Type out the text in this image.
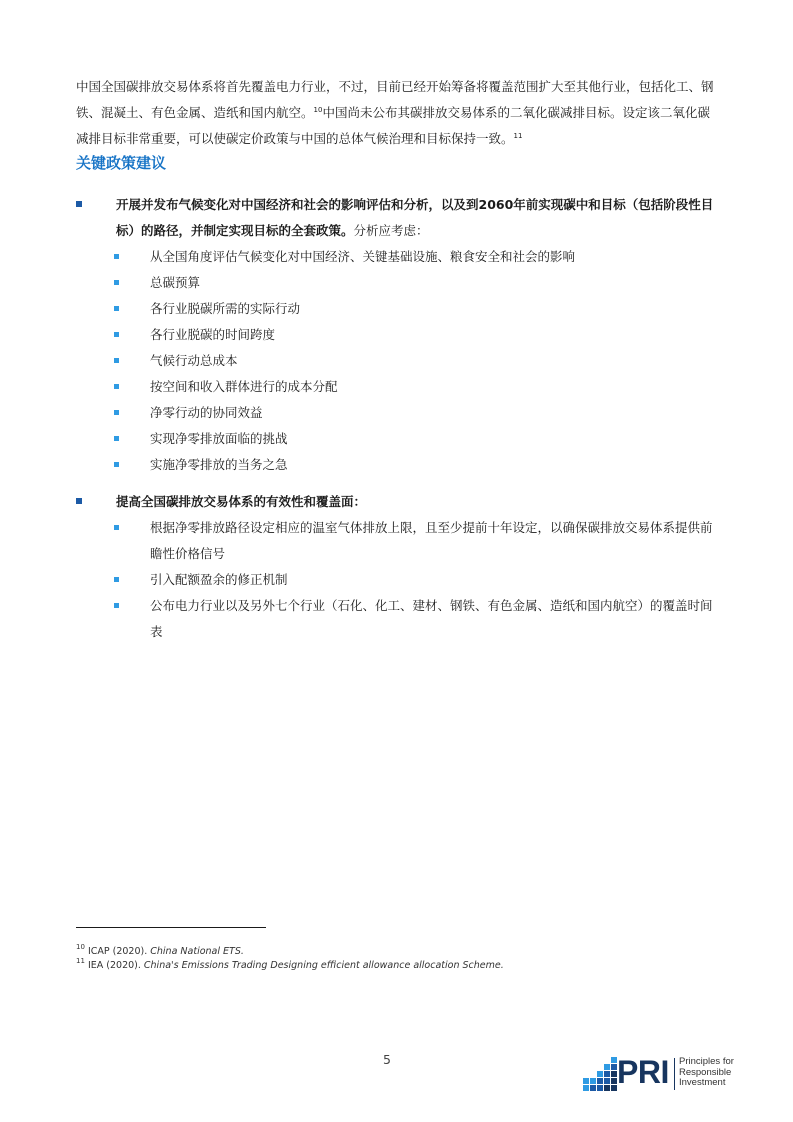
中国全国碳排放交易体系将首先覆盖电力行业，不过，目前已经开始筹备将覆盖范围扩大至其他行业，包括化工、钢铁、混凝土、有色金属、造纸和国内航空。$^{10}$中国尚未公布其碳排放交易体系的二氧化碳减排目标。设定该二氧化碳减排目标非常重要，可以使碳定价政策与中国的总体气候治理和目标保持一致。$^{11}$

关键政策建议
开展并发布气候变化对中国经济和社会的影响评估和分析，以及到2060年前实现碳中和目标（包括阶段性目标）的路径，并制定实现目标的全套政策。分析应考虑：
从全国角度评估气候变化对中国经济、关键基础设施、粮食安全和社会的影响
总碳预算
各行业脱碳所需的实际行动
各行业脱碳的时间跨度
气候行动总成本
按空间和收入群体进行的成本分配
净零行动的协同效益
实现净零排放面临的挑战
实施净零排放的当务之急
提高全国碳排放交易体系的有效性和覆盖面：
根据净零排放路径设定相应的温室气体排放上限，且至少提前十年设定，以确保碳排放交易体系提供前瞻性价格信号
引入配额盈余的修正机制
公布电力行业以及另外七个行业（石化、化工、建材、钢铁、有色金属、造纸和国内航空）的覆盖时间表
$^{10}$ ICAP (2020). China National ETS.
$^{11}$ IEA (2020). China's Emissions Trading Designing efficient allowance allocation Scheme.
5	PRI Principles for
Responsible
Investment
